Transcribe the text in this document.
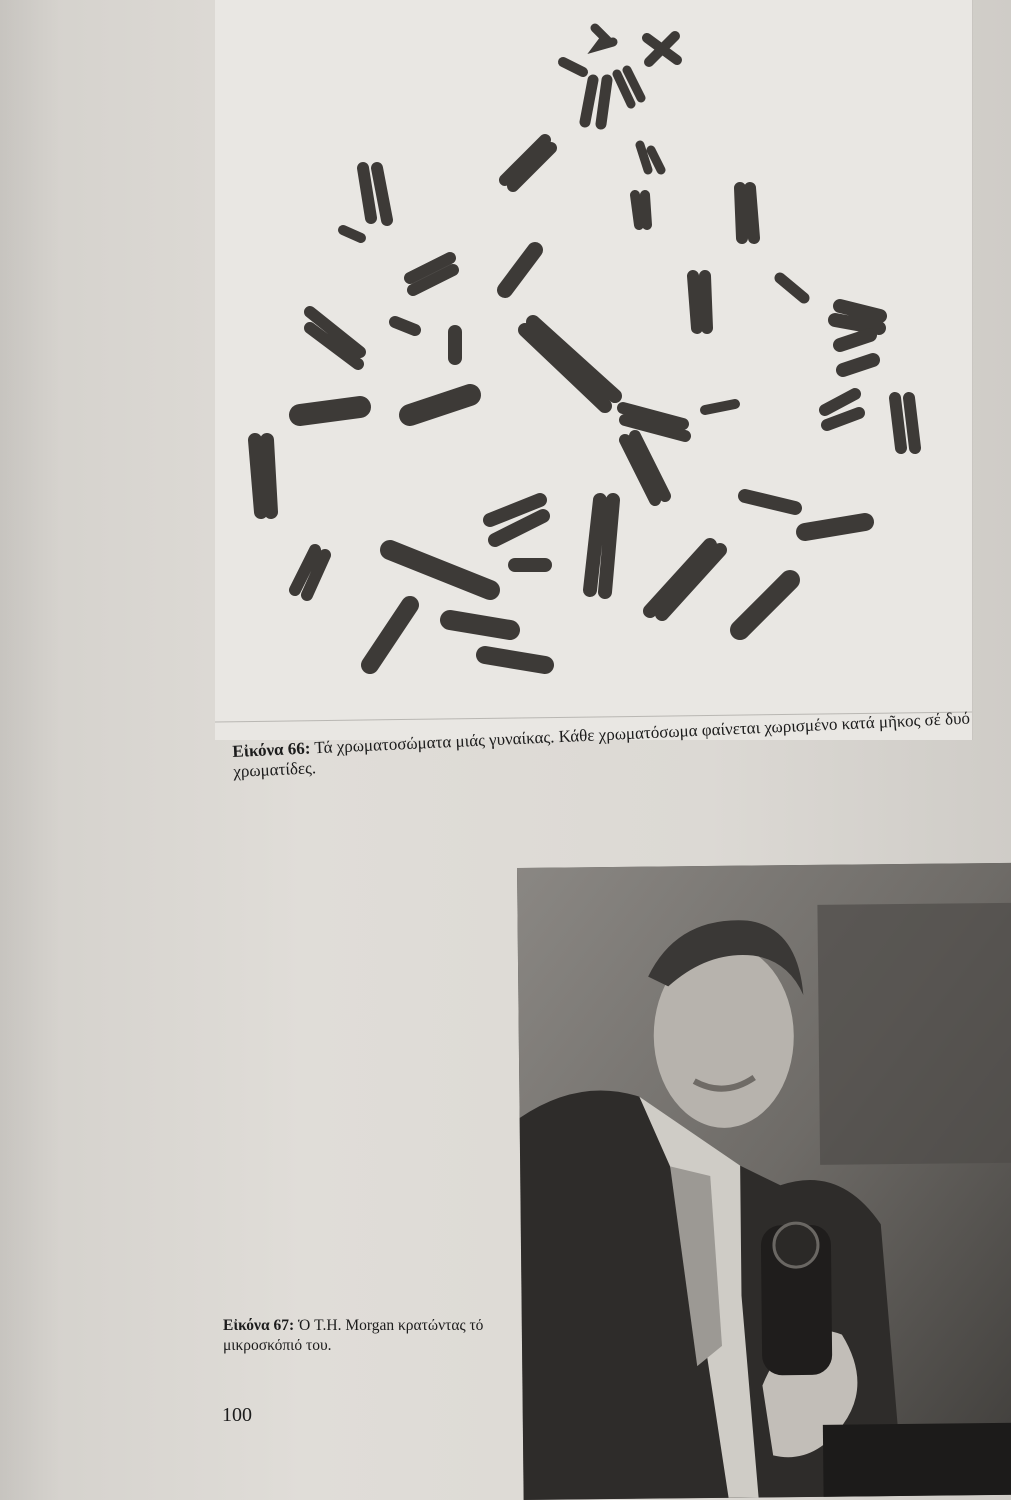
Εἰκόνα 66: Τά χρωματοσώματα μιάς γυναίκας. Κάθε χρωματόσωμα φαίνεται χωρισμένο κατά μῆκος σέ δυό χρωματίδες.
Εἰκόνα 67: Ὁ T.H. Morgan κρατώντας τό μικροσκόπιό του.
100
